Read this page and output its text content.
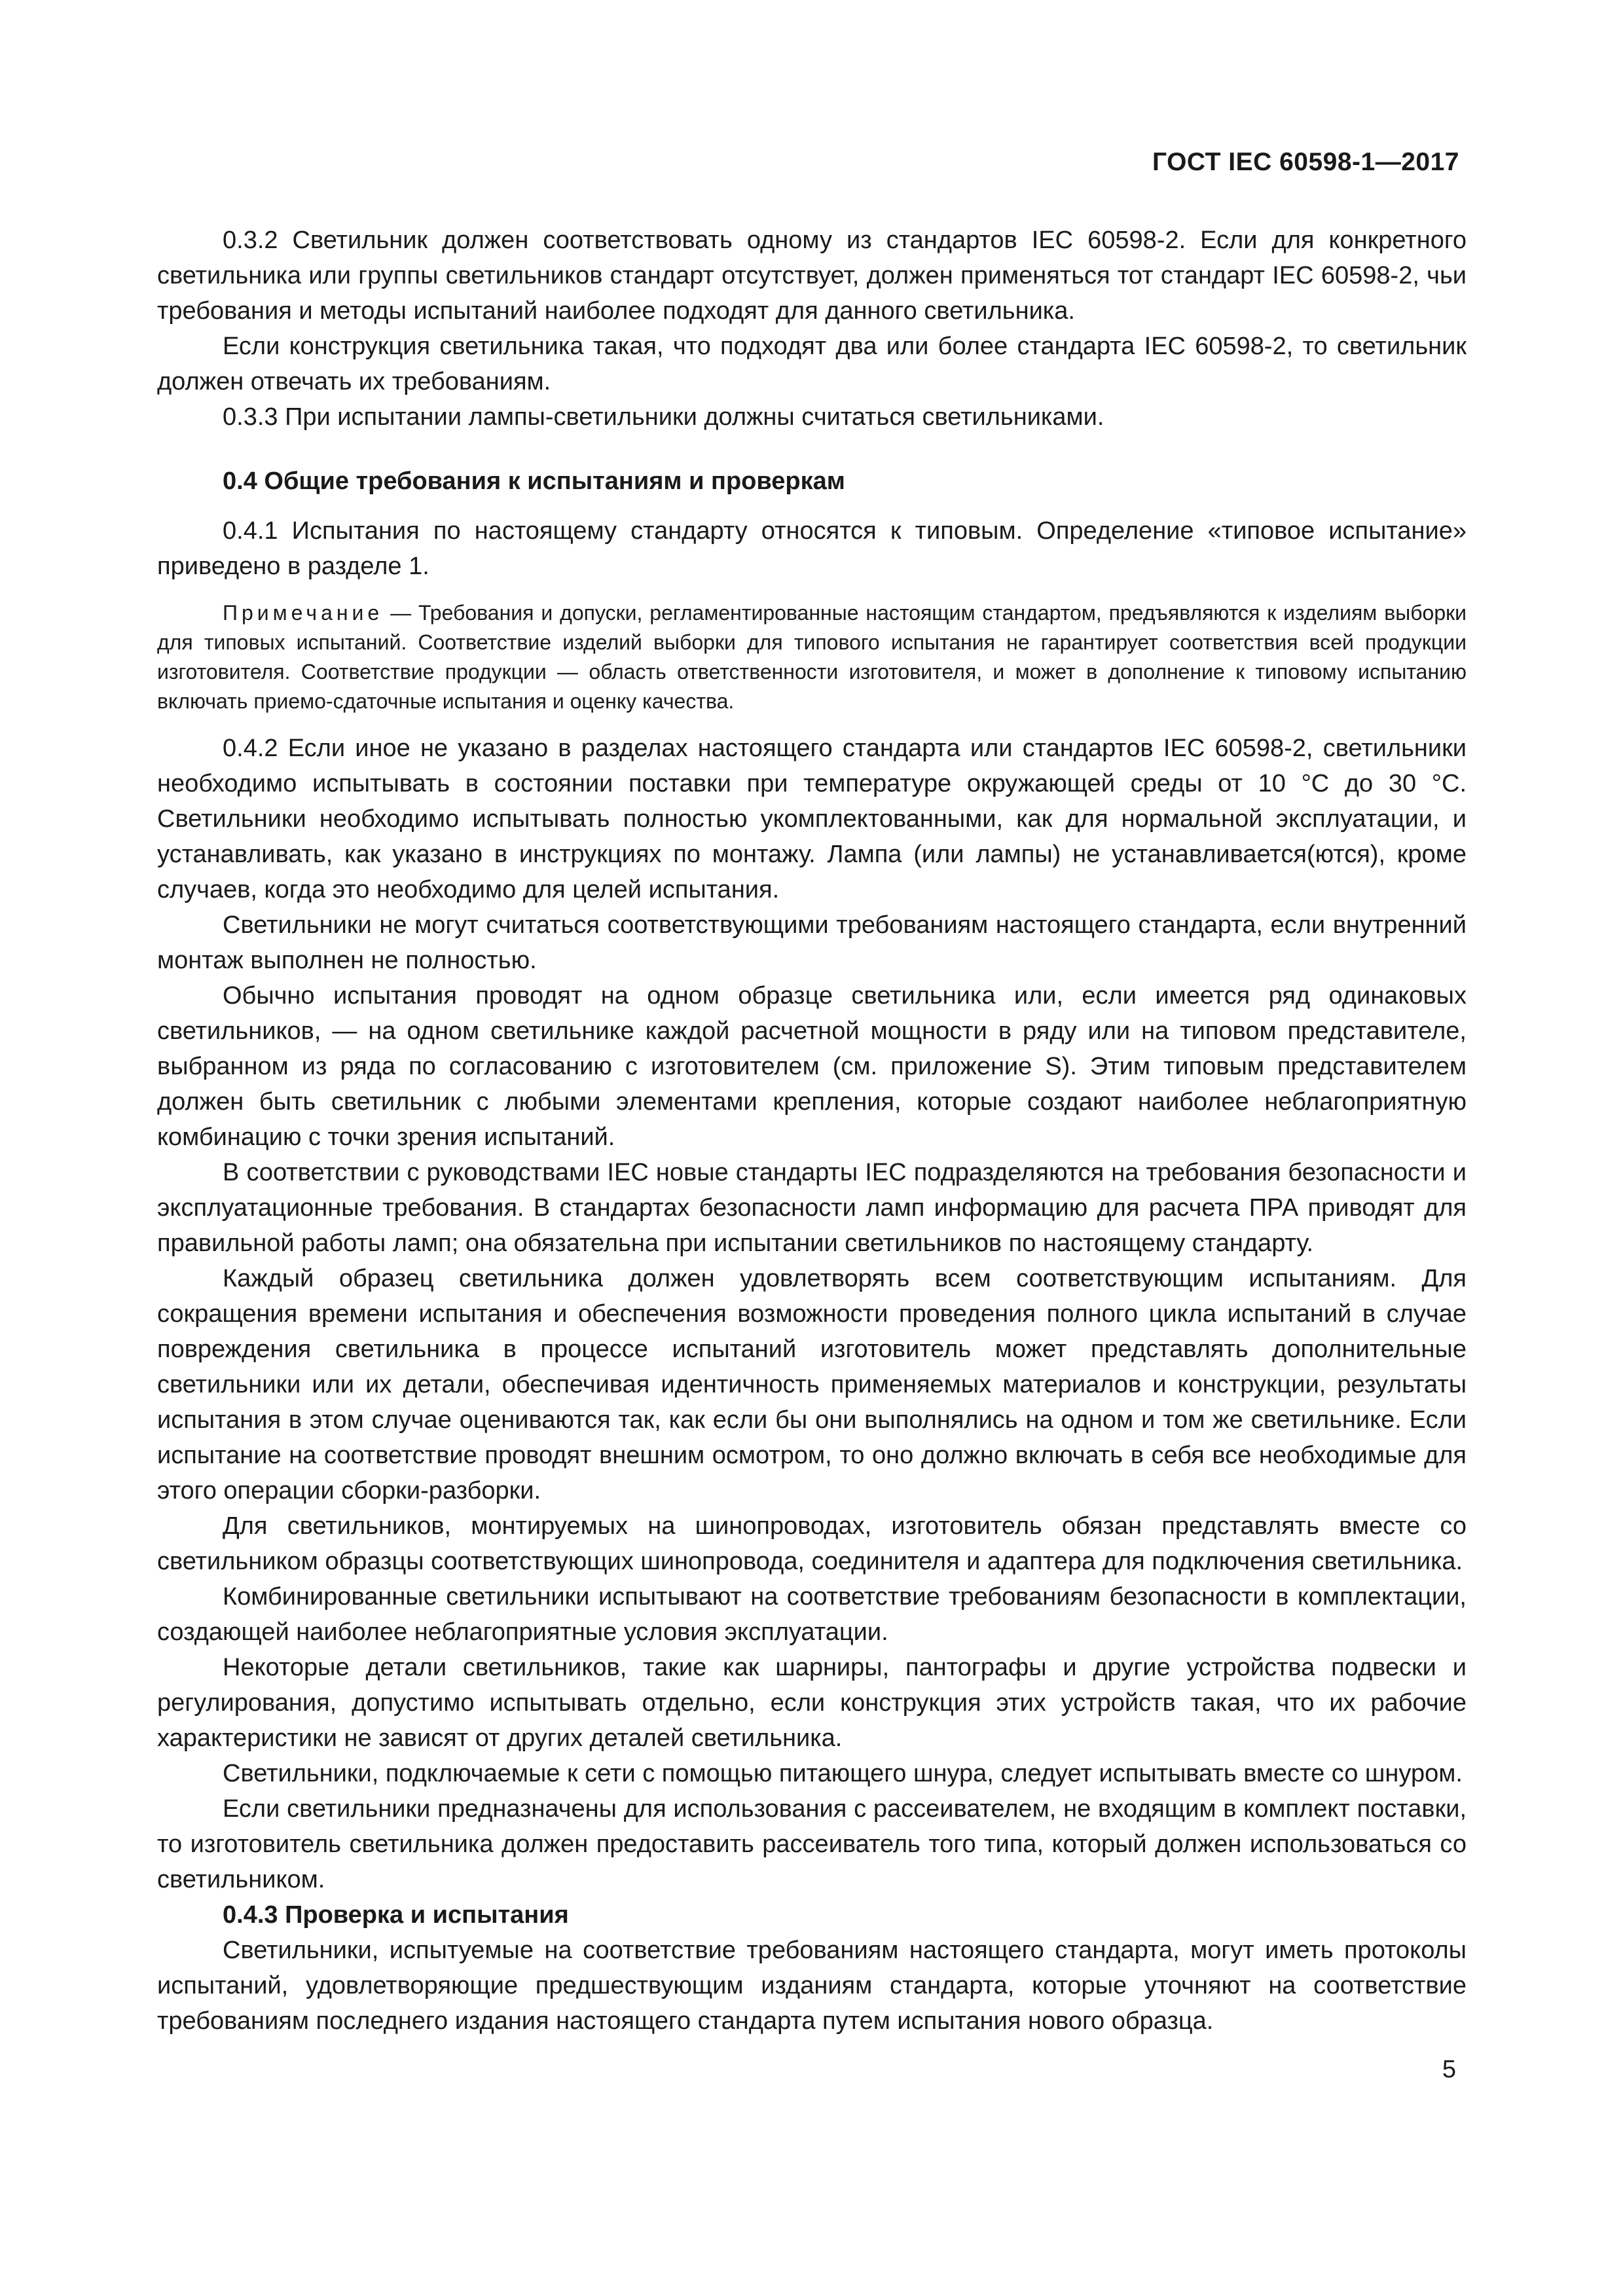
ГОСТ IEC 60598-1—2017

0.3.2 Светильник должен соответствовать одному из стандартов IEC 60598-2. Если для конкретного светильника или группы светильников стандарт отсутствует, должен применяться тот стандарт IEC 60598-2, чьи требования и методы испытаний наиболее подходят для данного светильника.

Если конструкция светильника такая, что подходят два или более стандарта IEC 60598-2, то светильник должен отвечать их требованиям.

0.3.3 При испытании лампы-светильники должны считаться светильниками.

0.4 Общие требования к испытаниям и проверкам

0.4.1 Испытания по настоящему стандарту относятся к типовым. Определение «типовое испытание» приведено в разделе 1.

Примечание — Требования и допуски, регламентированные настоящим стандартом, предъявляются к изделиям выборки для типовых испытаний. Соответствие изделий выборки для типового испытания не гарантирует соответствия всей продукции изготовителя. Соответствие продукции — область ответственности изготовителя, и может в дополнение к типовому испытанию включать приемо-сдаточные испытания и оценку качества.

0.4.2 Если иное не указано в разделах настоящего стандарта или стандартов IEC 60598-2, светильники необходимо испытывать в состоянии поставки при температуре окружающей среды от 10 °С до 30 °С. Светильники необходимо испытывать полностью укомплектованными, как для нормальной эксплуатации, и устанавливать, как указано в инструкциях по монтажу. Лампа (или лампы) не устанавливается(ются), кроме случаев, когда это необходимо для целей испытания.

Светильники не могут считаться соответствующими требованиям настоящего стандарта, если внутренний монтаж выполнен не полностью.

Обычно испытания проводят на одном образце светильника или, если имеется ряд одинаковых светильников, — на одном светильнике каждой расчетной мощности в ряду или на типовом представителе, выбранном из ряда по согласованию с изготовителем (см. приложение S). Этим типовым представителем должен быть светильник с любыми элементами крепления, которые создают наиболее неблагоприятную комбинацию с точки зрения испытаний.

В соответствии с руководствами IEC новые стандарты IEC подразделяются на требования безопасности и эксплуатационные требования. В стандартах безопасности ламп информацию для расчета ПРА приводят для правильной работы ламп; она обязательна при испытании светильников по настоящему стандарту.

Каждый образец светильника должен удовлетворять всем соответствующим испытаниям. Для сокращения времени испытания и обеспечения возможности проведения полного цикла испытаний в случае повреждения светильника в процессе испытаний изготовитель может представлять дополнительные светильники или их детали, обеспечивая идентичность применяемых материалов и конструкции, результаты испытания в этом случае оцениваются так, как если бы они выполнялись на одном и том же светильнике. Если испытание на соответствие проводят внешним осмотром, то оно должно включать в себя все необходимые для этого операции сборки-разборки.

Для светильников, монтируемых на шинопроводах, изготовитель обязан представлять вместе со светильником образцы соответствующих шинопровода, соединителя и адаптера для подключения светильника.

Комбинированные светильники испытывают на соответствие требованиям безопасности в комплектации, создающей наиболее неблагоприятные условия эксплуатации.

Некоторые детали светильников, такие как шарниры, пантографы и другие устройства подвески и регулирования, допустимо испытывать отдельно, если конструкция этих устройств такая, что их рабочие характеристики не зависят от других деталей светильника.

Светильники, подключаемые к сети с помощью питающего шнура, следует испытывать вместе со шнуром.

Если светильники предназначены для использования с рассеивателем, не входящим в комплект поставки, то изготовитель светильника должен предоставить рассеиватель того типа, который должен использоваться со светильником.

0.4.3 Проверка и испытания

Светильники, испытуемые на соответствие требованиям настоящего стандарта, могут иметь протоколы испытаний, удовлетворяющие предшествующим изданиям стандарта, которые уточняют на соответствие требованиям последнего издания настоящего стандарта путем испытания нового образца.

5
